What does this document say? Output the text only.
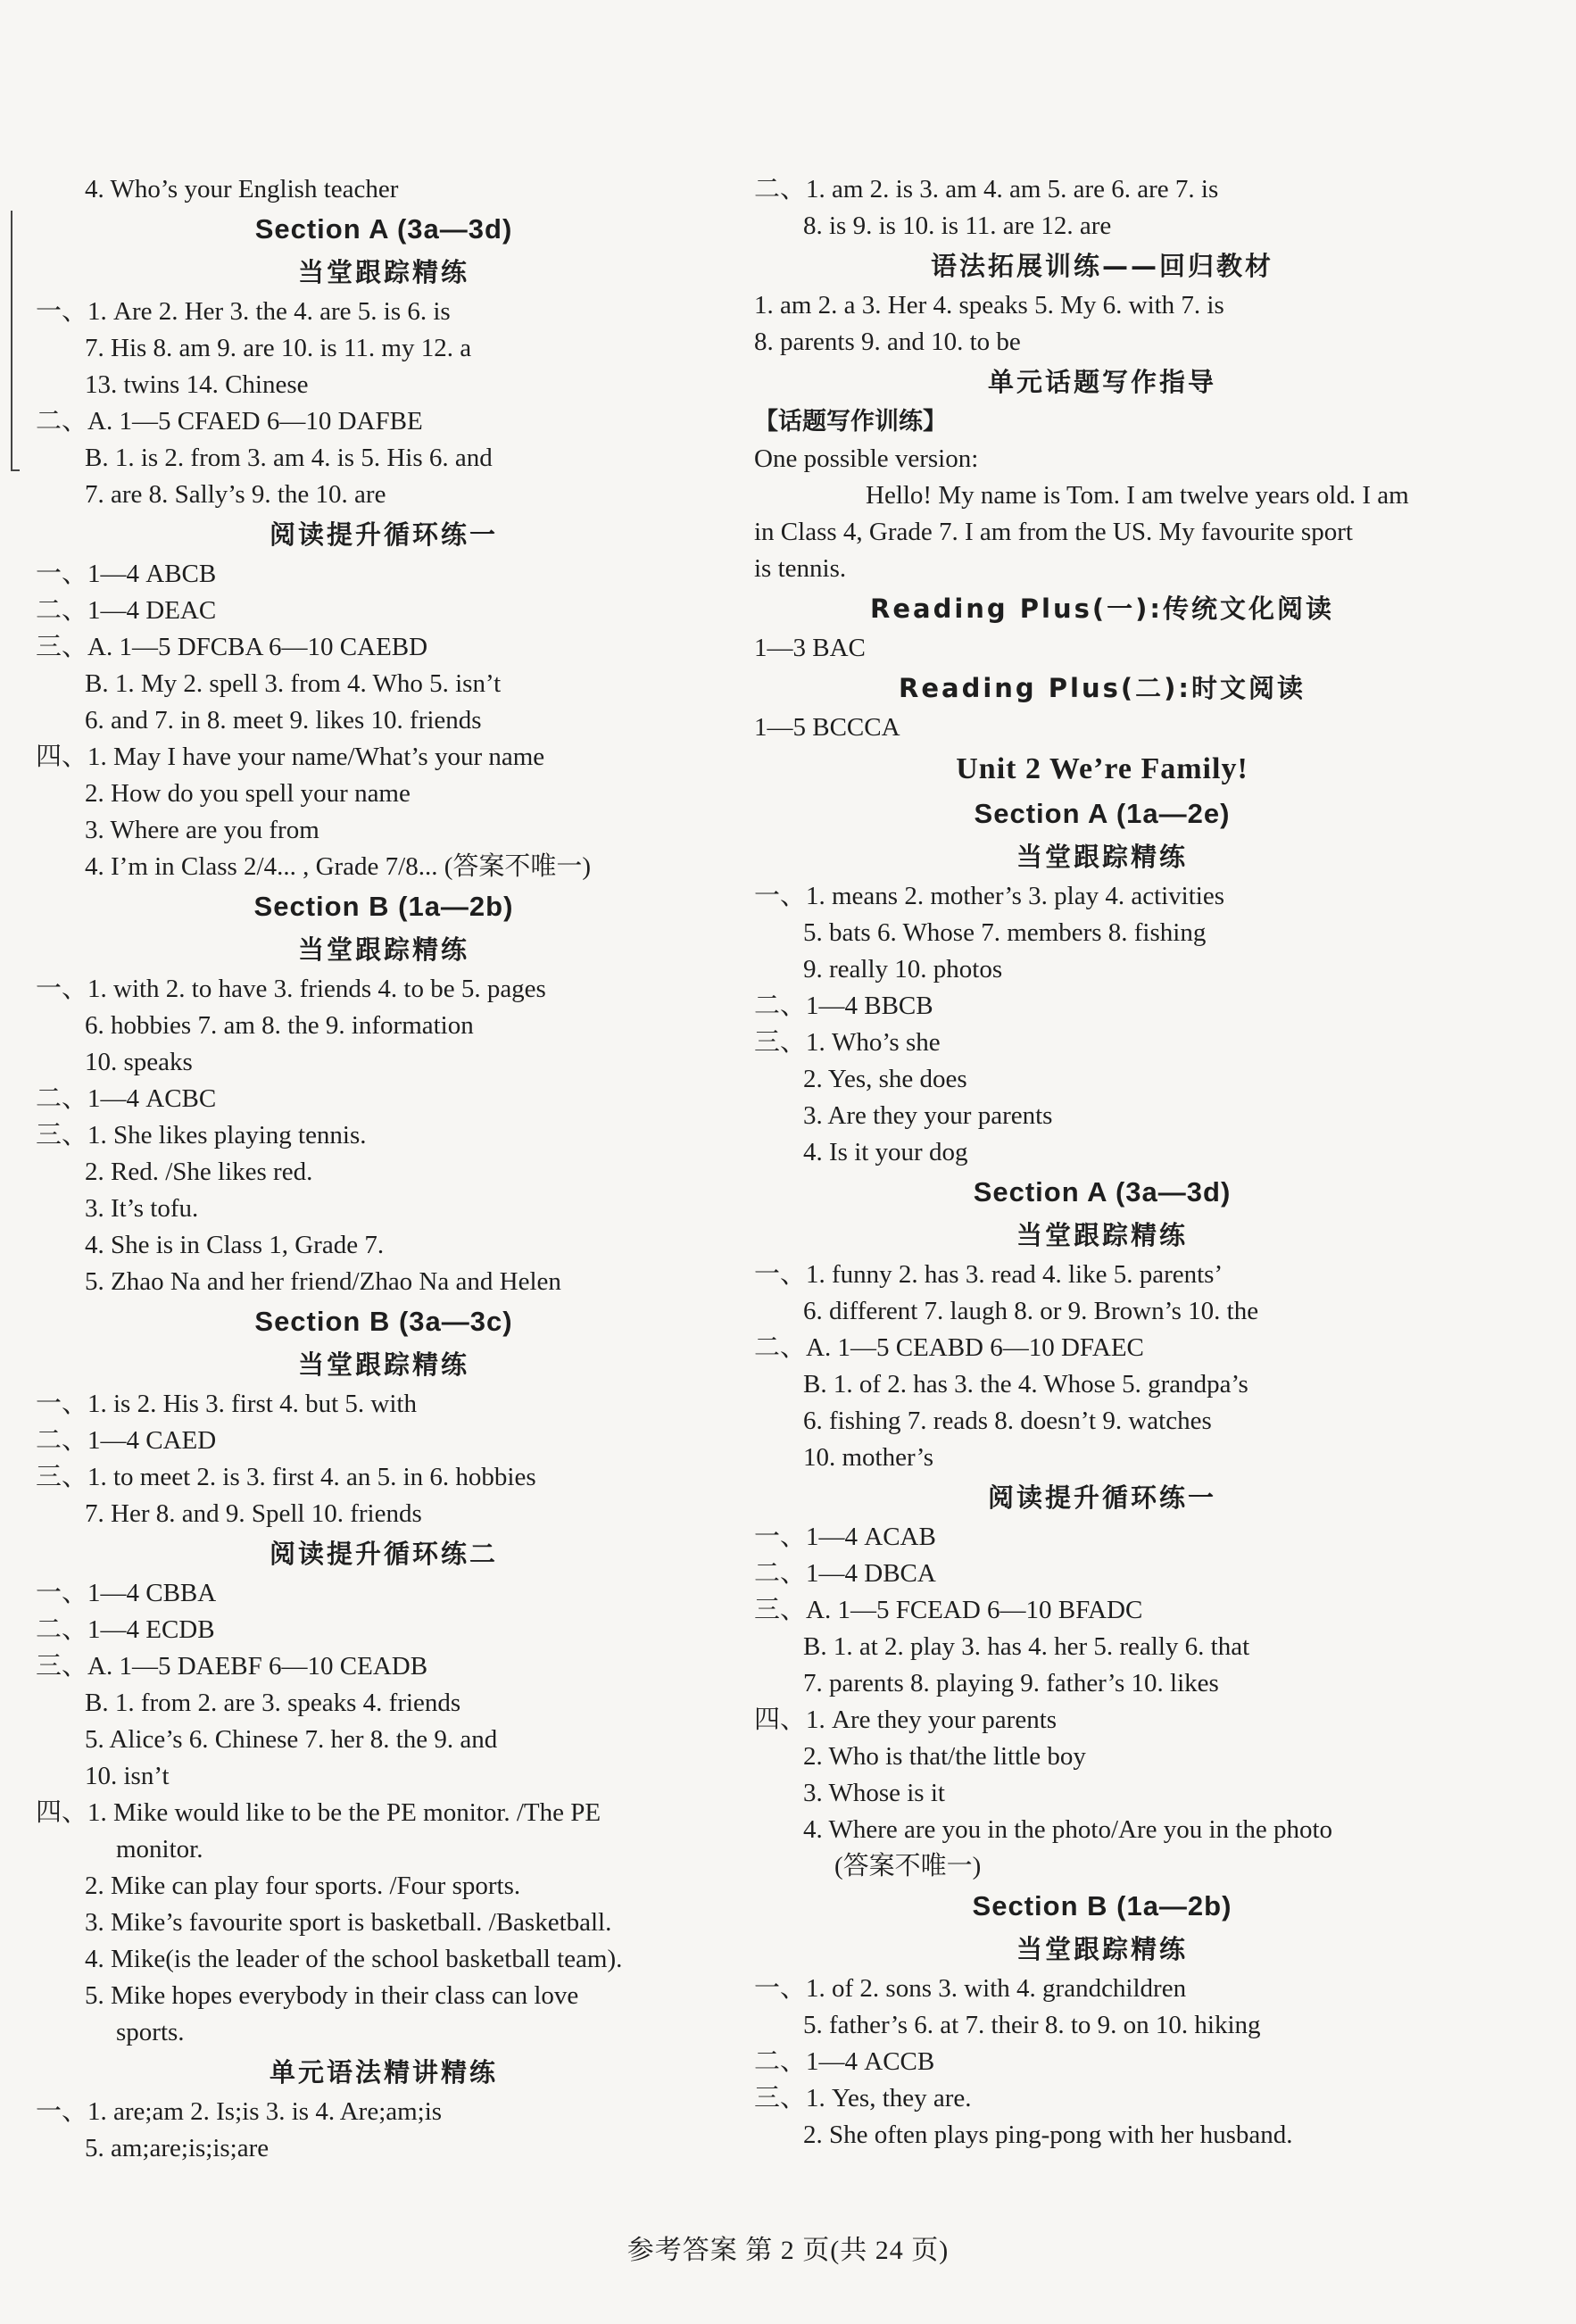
4. Who’s your English teacher
Section A (3a—3d)
当堂跟踪精练
一、1. Are 2. Her 3. the 4. are 5. is 6. is
7. His 8. am 9. are 10. is 11. my 12. a
13. twins 14. Chinese
二、A. 1—5 CFAED 6—10 DAFBE
B. 1. is 2. from 3. am 4. is 5. His 6. and
7. are 8. Sally’s 9. the 10. are
阅读提升循环练一
一、1—4 ABCB
二、1—4 DEAC
三、A. 1—5 DFCBA 6—10 CAEBD
B. 1. My 2. spell 3. from 4. Who 5. isn’t
6. and 7. in 8. meet 9. likes 10. friends
四、1. May I have your name/What’s your name
2. How do you spell your name
3. Where are you from
4. I’m in Class 2/4... , Grade 7/8... (答案不唯一)
Section B (1a—2b)
当堂跟踪精练
一、1. with 2. to have 3. friends 4. to be 5. pages
6. hobbies 7. am 8. the 9. information
10. speaks
二、1—4 ACBC
三、1. She likes playing tennis.
2. Red. /She likes red.
3. It’s tofu.
4. She is in Class 1, Grade 7.
5. Zhao Na and her friend/Zhao Na and Helen
Section B (3a—3c)
当堂跟踪精练
一、1. is 2. His 3. first 4. but 5. with
二、1—4 CAED
三、1. to meet 2. is 3. first 4. an 5. in 6. hobbies
7. Her 8. and 9. Spell 10. friends
阅读提升循环练二
一、1—4 CBBA
二、1—4 ECDB
三、A. 1—5 DAEBF 6—10 CEADB
B. 1. from 2. are 3. speaks 4. friends
5. Alice’s 6. Chinese 7. her 8. the 9. and
10. isn’t
四、1. Mike would like to be the PE monitor. /The PE
monitor.
2. Mike can play four sports. /Four sports.
3. Mike’s favourite sport is basketball. /Basketball.
4. Mike(is the leader of the school basketball team).
5. Mike hopes everybody in their class can love
sports.
单元语法精讲精练
一、1. are;am 2. Is;is 3. is 4. Are;am;is
5. am;are;is;is;are
二、1. am 2. is 3. am 4. am 5. are 6. are 7. is
8. is 9. is 10. is 11. are 12. are
语法拓展训练——回归教材
1. am 2. a 3. Her 4. speaks 5. My 6. with 7. is
8. parents 9. and 10. to be
单元话题写作指导
【话题写作训练】
One possible version:
Hello! My name is Tom. I am twelve years old. I am
in Class 4, Grade 7. I am from the US. My favourite sport
is tennis.
Reading Plus(一):传统文化阅读
1—3 BAC
Reading Plus(二):时文阅读
1—5 BCCCA
Unit 2 We’re Family!
Section A (1a—2e)
当堂跟踪精练
一、1. means 2. mother’s 3. play 4. activities
5. bats 6. Whose 7. members 8. fishing
9. really 10. photos
二、1—4 BBCB
三、1. Who’s she
2. Yes, she does
3. Are they your parents
4. Is it your dog
Section A (3a—3d)
当堂跟踪精练
一、1. funny 2. has 3. read 4. like 5. parents’
6. different 7. laugh 8. or 9. Brown’s 10. the
二、A. 1—5 CEABD 6—10 DFAEC
B. 1. of 2. has 3. the 4. Whose 5. grandpa’s
6. fishing 7. reads 8. doesn’t 9. watches
10. mother’s
阅读提升循环练一
一、1—4 ACAB
二、1—4 DBCA
三、A. 1—5 FCEAD 6—10 BFADC
B. 1. at 2. play 3. has 4. her 5. really 6. that
7. parents 8. playing 9. father’s 10. likes
四、1. Are they your parents
2. Who is that/the little boy
3. Whose is it
4. Where are you in the photo/Are you in the photo
(答案不唯一)
Section B (1a—2b)
当堂跟踪精练
一、1. of 2. sons 3. with 4. grandchildren
5. father’s 6. at 7. their 8. to 9. on 10. hiking
二、1—4 ACCB
三、1. Yes, they are.
2. She often plays ping-pong with her husband.
参考答案 第 2 页(共 24 页)
